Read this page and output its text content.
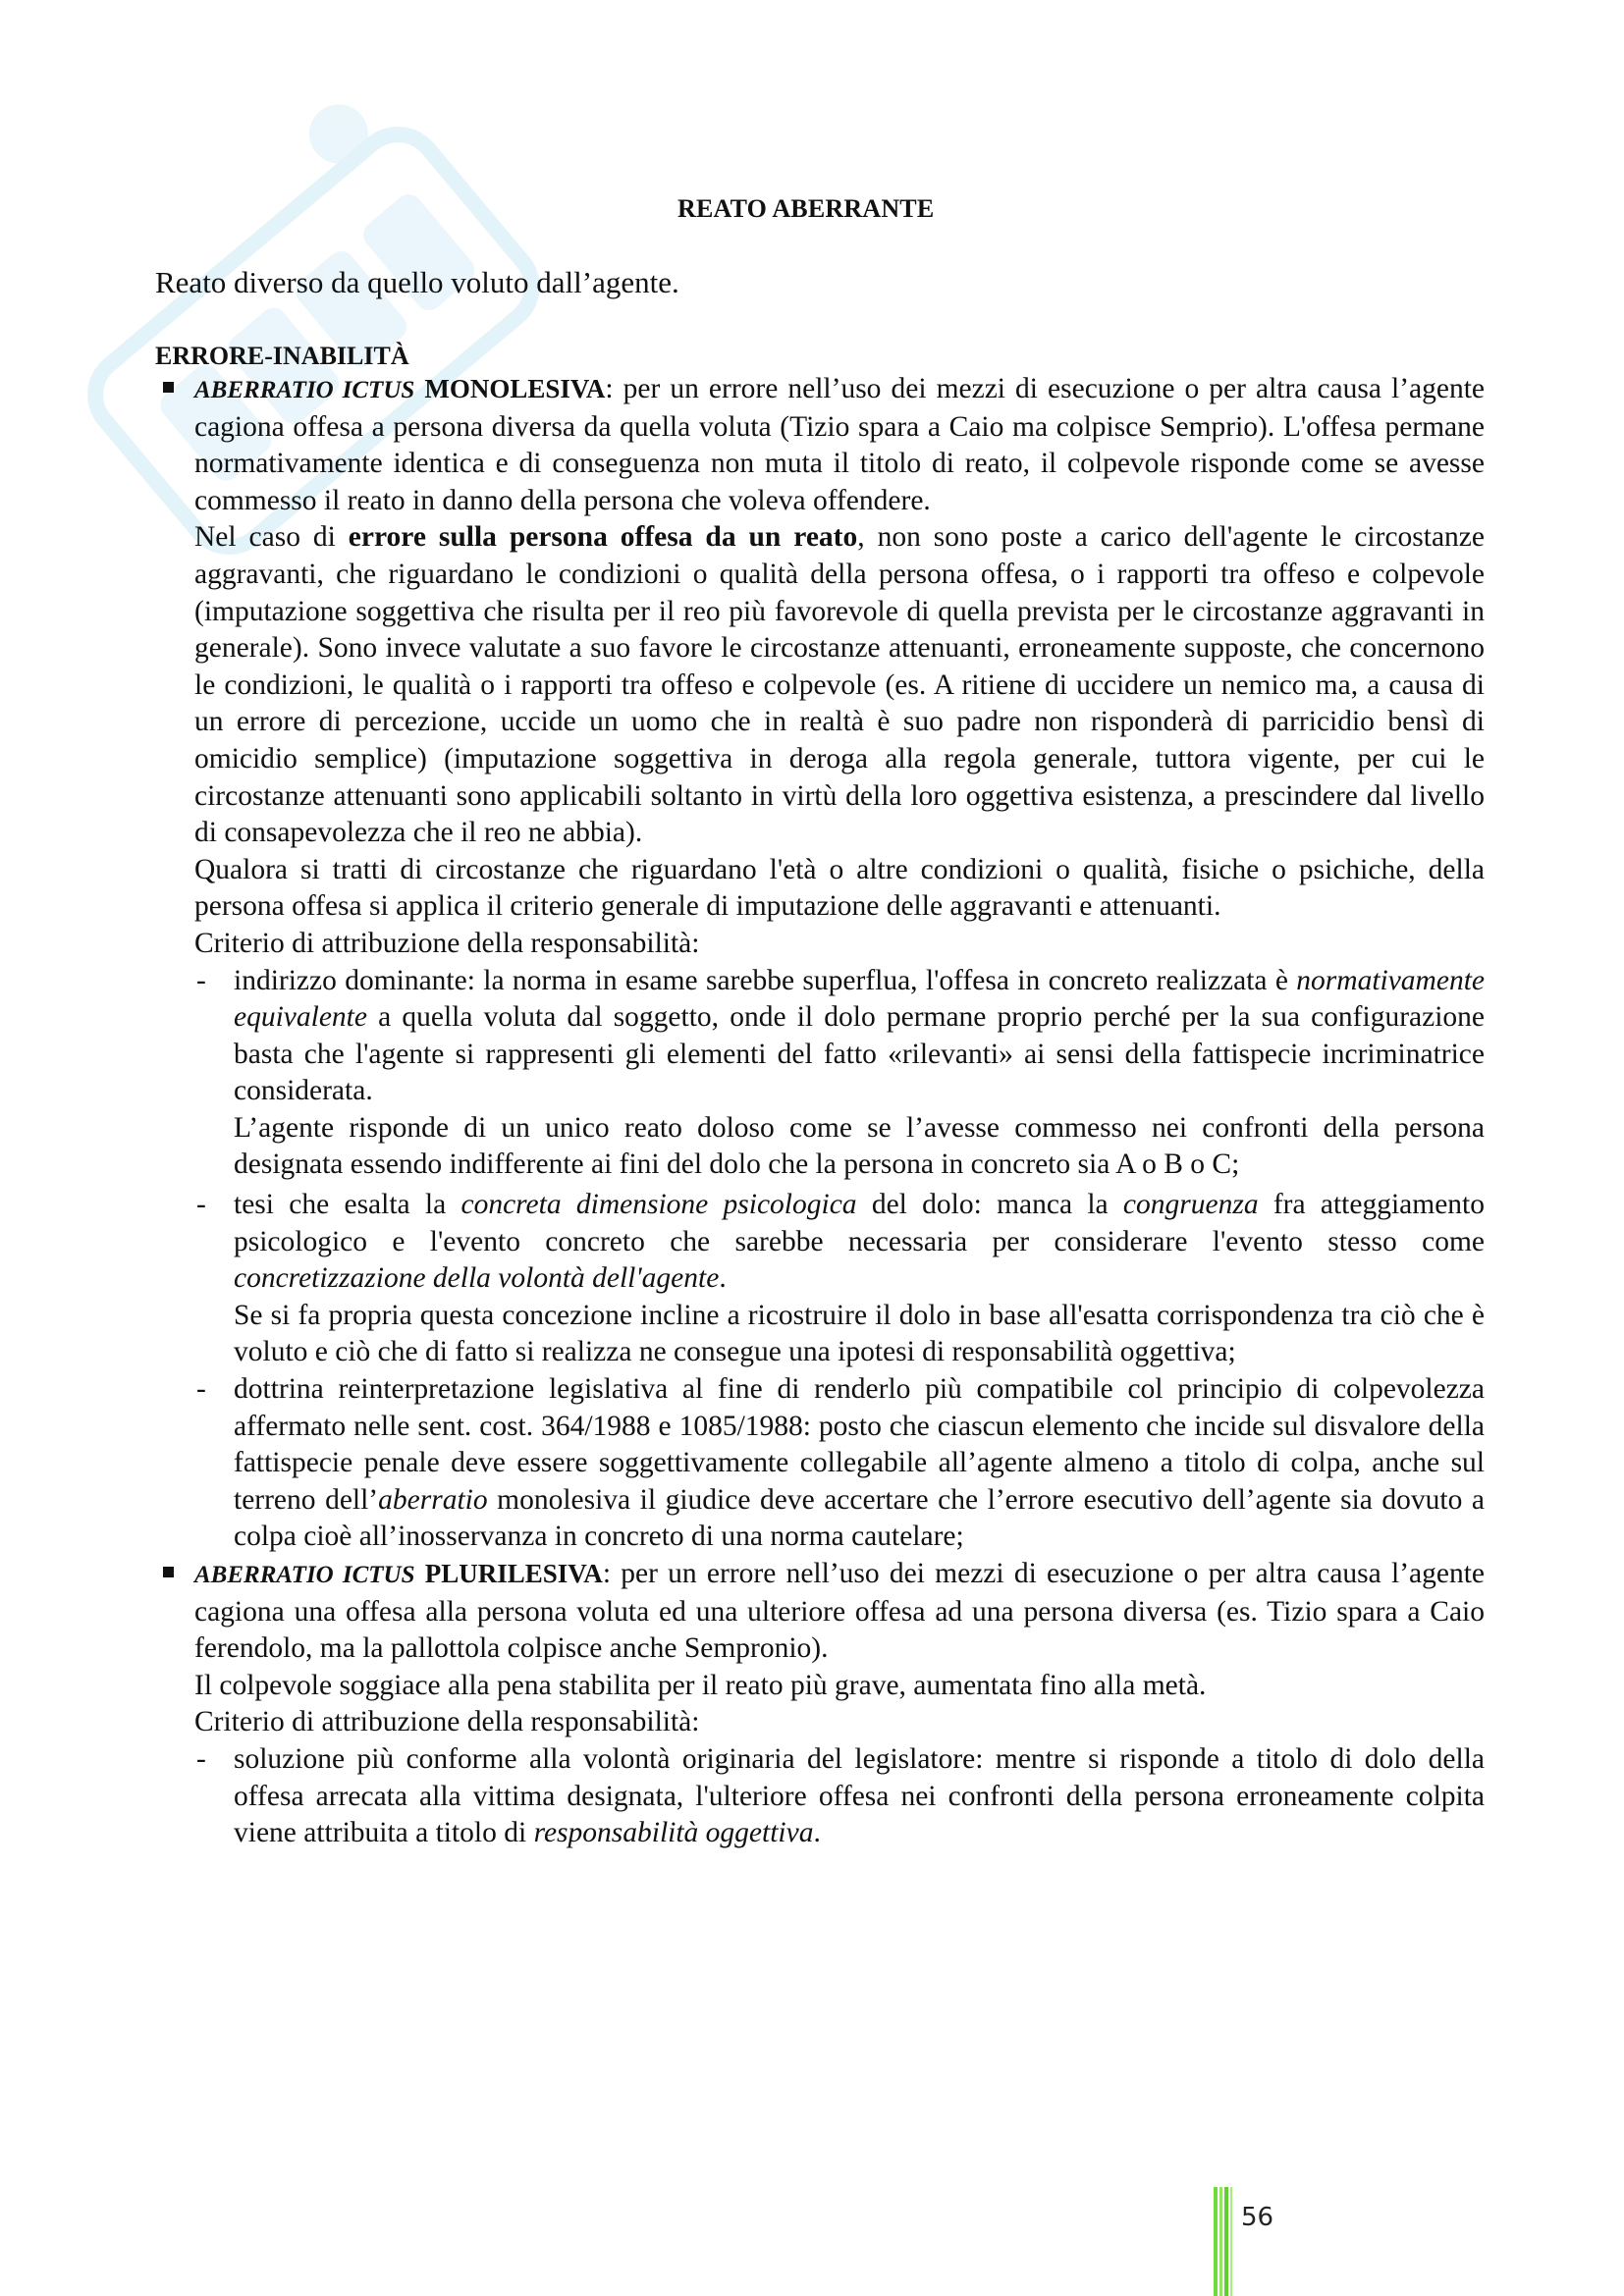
REATO ABERRANTE

Reato diverso da quello voluto dall’agente.

ERRORE-INABILITÀ

ABERRATIO ICTUS MONOLESIVA: per un errore nell’uso dei mezzi di esecuzione o per altra causa l’agente cagiona offesa a persona diversa da quella voluta (Tizio spara a Caio ma colpisce Semprio). L'offesa permane normativamente identica e di conseguenza non muta il titolo di reato, il colpevole risponde come se avesse commesso il reato in danno della persona che voleva offendere.

Nel caso di errore sulla persona offesa da un reato, non sono poste a carico dell'agente le circostanze aggravanti, che riguardano le condizioni o qualità della persona offesa, o i rapporti tra offeso e colpevole (imputazione soggettiva che risulta per il reo più favorevole di quella prevista per le circostanze aggravanti in generale). Sono invece valutate a suo favore le circostanze attenuanti, erroneamente supposte, che concernono le condizioni, le qualità o i rapporti tra offeso e colpevole (es. A ritiene di uccidere un nemico ma, a causa di un errore di percezione, uccide un uomo che in realtà è suo padre non risponderà di parricidio bensì di omicidio semplice) (imputazione soggettiva in deroga alla regola generale, tuttora vigente, per cui le circostanze attenuanti sono applicabili soltanto in virtù della loro oggettiva esistenza, a prescindere dal livello di consapevolezza che il reo ne abbia).

Qualora si tratti di circostanze che riguardano l'età o altre condizioni o qualità, fisiche o psichiche, della persona offesa si applica il criterio generale di imputazione delle aggravanti e attenuanti.

Criterio di attribuzione della responsabilità:

- indirizzo dominante: la norma in esame sarebbe superflua, l'offesa in concreto realizzata è normativamente equivalente a quella voluta dal soggetto, onde il dolo permane proprio perché per la sua configurazione basta che l'agente si rappresenti gli elementi del fatto «rilevanti» ai sensi della fattispecie incriminatrice considerata.

L’agente risponde di un unico reato doloso come se l’avesse commesso nei confronti della persona designata essendo indifferente ai fini del dolo che la persona in concreto sia A o B o C;

- tesi che esalta la concreta dimensione psicologica del dolo: manca la congruenza fra atteggiamento psicologico e l'evento concreto che sarebbe necessaria per considerare l'evento stesso come concretizzazione della volontà dell'agente.

Se si fa propria questa concezione incline a ricostruire il dolo in base all'esatta corrispondenza tra ciò che è voluto e ciò che di fatto si realizza ne consegue una ipotesi di responsabilità oggettiva;

- dottrina reinterpretazione legislativa al fine di renderlo più compatibile col principio di colpevolezza affermato nelle sent. cost. 364/1988 e 1085/1988: posto che ciascun elemento che incide sul disvalore della fattispecie penale deve essere soggettivamente collegabile all’agente almeno a titolo di colpa, anche sul terreno dell’aberratio monolesiva il giudice deve accertare che l’errore esecutivo dell’agente sia dovuto a colpa cioè all’inosservanza in concreto di una norma cautelare;

ABERRATIO ICTUS PLURILESIVA: per un errore nell’uso dei mezzi di esecuzione o per altra causa l’agente cagiona una offesa alla persona voluta ed una ulteriore offesa ad una persona diversa (es. Tizio spara a Caio ferendolo, ma la pallottola colpisce anche Sempronio).

Il colpevole soggiace alla pena stabilita per il reato più grave, aumentata fino alla metà.

Criterio di attribuzione della responsabilità:

- soluzione più conforme alla volontà originaria del legislatore: mentre si risponde a titolo di dolo della offesa arrecata alla vittima designata, l'ulteriore offesa nei confronti della persona erroneamente colpita viene attribuita a titolo di responsabilità oggettiva.

56
